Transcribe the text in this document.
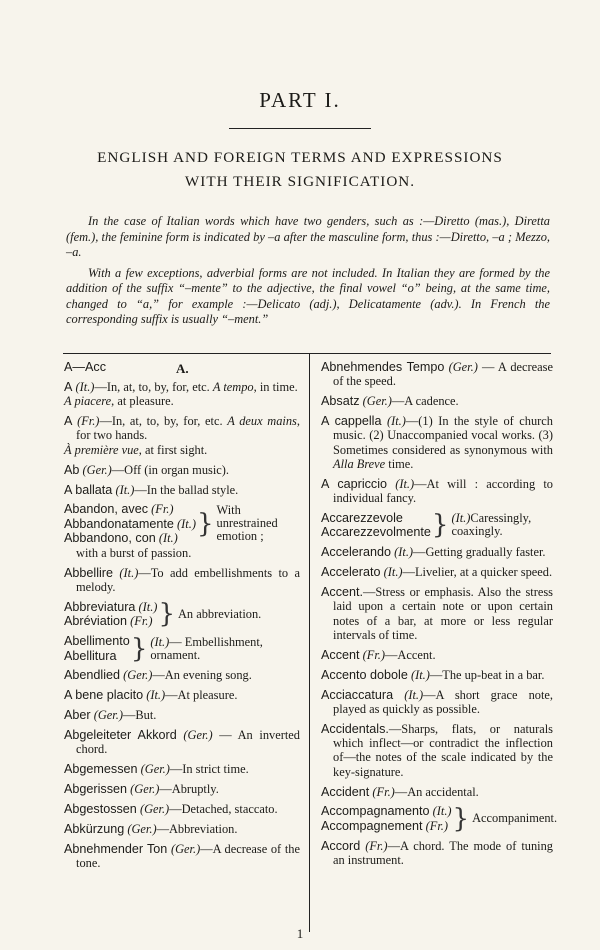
PART I.
ENGLISH AND FOREIGN TERMS AND EXPRESSIONS
WITH THEIR SIGNIFICATION.

In the case of Italian words which have two genders, such as :—Diretto (mas.), Diretta (fem.), the feminine form is indicated by –a after the masculine form, thus :—Diretto, –a ; Mezzo, –a.

With a few exceptions, adverbial forms are not included. In Italian they are formed by the addition of the suffix “–mente” to the adjective, the final vowel “o” being, at the same time, changed to “a,” for example :—Delicato (adj.), Delicatamente (adv.). In French the corresponding suffix is usually “–ment.”

A—Acc	A.
A (It.)—In, at, to, by, for, etc. A tempo, in time.
A piacere, at pleasure.
A (Fr.)—In, at, to, by, for, etc. A deux mains, for two hands.
À première vue, at first sight.
Ab (Ger.)—Off (in organ music).
A ballata (It.)—In the ballad style.
Abandon, avec (Fr.)
Abbandonatamente (It.)
Abbandono, con (It.) } With unrestrained emotion ;
with a burst of passion.
Abbellire (It.)—To add embellishments to a melody.
Abbreviatura (It.)
Abréviation (Fr.) } An abbreviation.
Abellimento
Abellitura } (It.)— Embellishment, ornament.
Abendlied (Ger.)—An evening song.
A bene placito (It.)—At pleasure.
Aber (Ger.)—But.
Abgeleiteter Akkord (Ger.) — An inverted chord.
Abgemessen (Ger.)—In strict time.
Abgerissen (Ger.)—Abruptly.
Abgestossen (Ger.)—Detached, staccato.
Abkürzung (Ger.)—Abbreviation.
Abnehmender Ton (Ger.)—A decrease of the tone.
Abnehmendes Tempo (Ger.) — A decrease of the speed.
Absatz (Ger.)—A cadence.
A cappella (It.)—(1) In the style of church music. (2) Unaccompanied vocal works. (3) Sometimes considered as synonymous with Alla Breve time.
A capriccio (It.)—At will : according to individual fancy.
Accarezzevole
Accarezzevolmente } (It.)Caressingly, coaxingly.
Accelerando (It.)—Getting gradually faster.
Accelerato (It.)—Livelier, at a quicker speed.
Accent.—Stress or emphasis. Also the stress laid upon a certain note or upon certain notes of a bar, at more or less regular intervals of time.
Accent (Fr.)—Accent.
Accento dobole (It.)—The up-beat in a bar.
Acciaccatura (It.)—A short grace note, played as quickly as possible.
Accidentals.—Sharps, flats, or naturals which inflect—or contradict the inflection of—the notes of the scale indicated by the key-signature.
Accident (Fr.)—An accidental.
Accompagnamento (It.)
Accompagnement (Fr.) } Accompaniment.
Accord (Fr.)—A chord. The mode of tuning an instrument.
1
